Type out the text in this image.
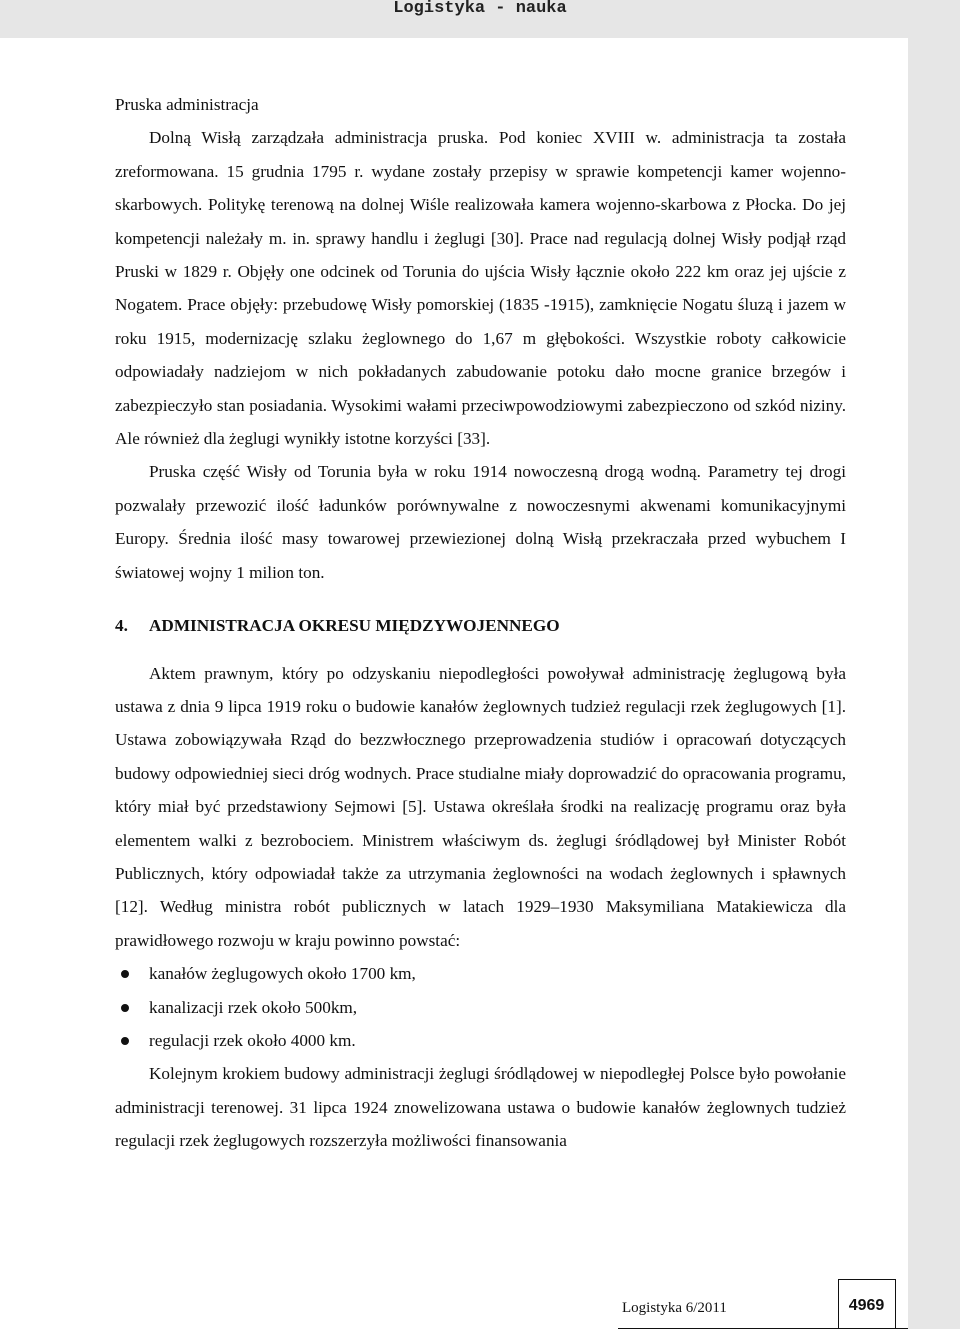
Logistyka - nauka

Pruska administracja

Dolną Wisłą zarządzała administracja pruska. Pod koniec XVIII w. administracja ta została zreformowana. 15 grudnia 1795 r. wydane zostały przepisy w sprawie kompetencji kamer wojenno-skarbowych. Politykę terenową na dolnej Wiśle realizowała kamera wojenno-skarbowa z Płocka. Do jej kompetencji należały m. in. sprawy handlu i żeglugi [30]. Prace nad regulacją dolnej Wisły podjął rząd Pruski w 1829 r. Objęły one odcinek od Torunia do ujścia Wisły łącznie około 222 km oraz jej ujście z Nogatem. Prace objęły: przebudowę Wisły pomorskiej (1835 -1915), zamknięcie Nogatu śluzą i jazem w roku 1915, modernizację szlaku żeglownego do 1,67 m głębokości. Wszystkie roboty całkowicie odpowiadały nadziejom w nich pokładanych zabudowanie potoku dało mocne granice brzegów i zabezpieczyło stan posiadania. Wysokimi wałami przeciwpowodziowymi zabezpieczono od szkód niziny. Ale również dla żeglugi wynikły istotne korzyści [33].

Pruska część Wisły od Torunia była w roku 1914 nowoczesną drogą wodną. Parametry tej drogi pozwalały przewozić ilość ładunków porównywalne z nowoczesnymi akwenami komunikacyjnymi Europy. Średnia ilość masy towarowej przewiezionej dolną Wisłą przekraczała przed wybuchem I światowej wojny 1 milion ton.

4. ADMINISTRACJA OKRESU MIĘDZYWOJENNEGO

Aktem prawnym, który po odzyskaniu niepodległości powoływał administrację żeglugową była ustawa z dnia 9 lipca 1919 roku o budowie kanałów żeglownych tudzież regulacji rzek żeglugowych [1]. Ustawa zobowiązywała Rząd do bezzwłocznego przeprowadzenia studiów i opracowań dotyczących budowy odpowiedniej sieci dróg wodnych. Prace studialne miały doprowadzić do opracowania programu, który miał być przedstawiony Sejmowi [5]. Ustawa określała środki na realizację programu oraz była elementem walki z bezrobociem. Ministrem właściwym ds. żeglugi śródlądowej był Minister Robót Publicznych, który odpowiadał także za utrzymania żeglowności na wodach żeglownych i spławnych [12]. Według ministra robót publicznych w latach 1929–1930 Maksymiliana Matakiewicza dla prawidłowego rozwoju w kraju powinno powstać:

kanałów żeglugowych około 1700 km,
kanalizacji rzek około 500km,
regulacji rzek około 4000 km.

Kolejnym krokiem budowy administracji żeglugi śródlądowej w niepodległej Polsce było powołanie administracji terenowej. 31 lipca 1924 znowelizowana ustawa o budowie kanałów żeglownych tudzież regulacji rzek żeglugowych rozszerzyła możliwości finansowania

Logistyka 6/2011	4969
